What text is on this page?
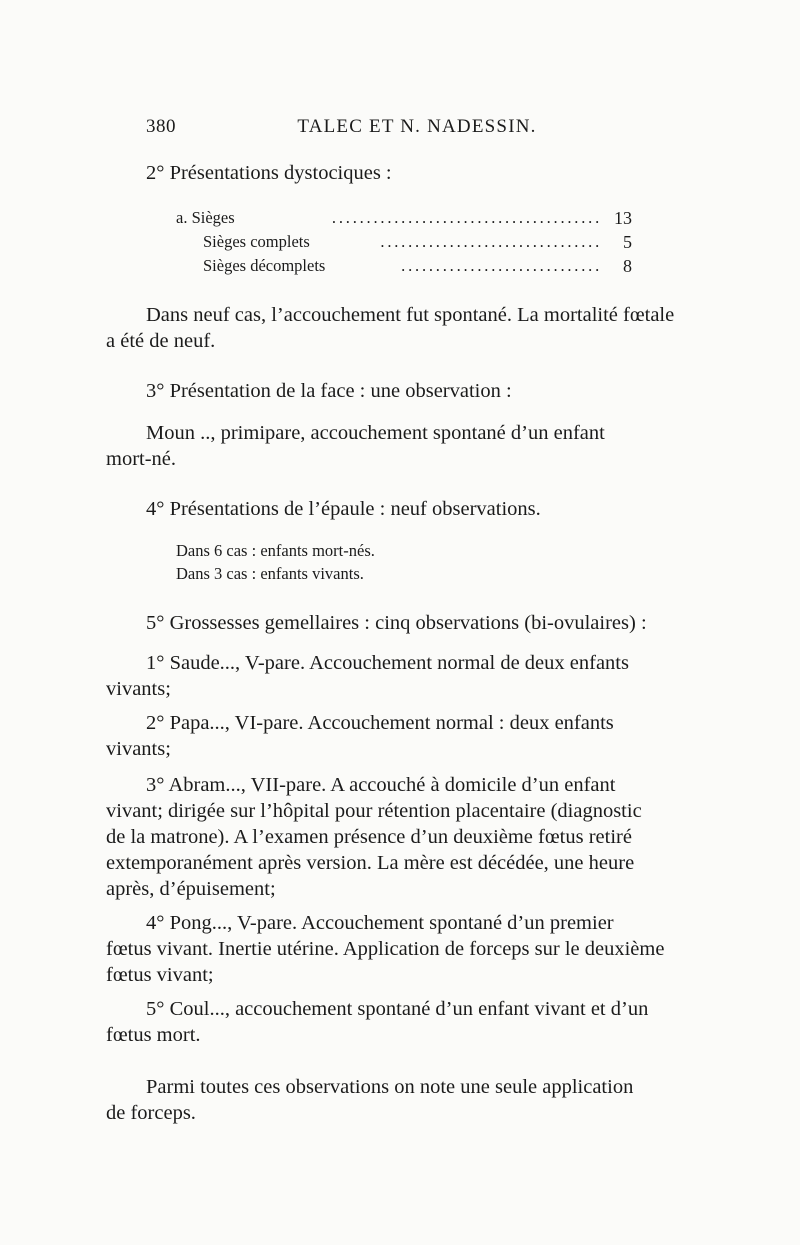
380	TALEC ET N. NADESSIN.
2° Présentations dystociques :
a. Sièges	....................................... 13
Sièges complets	................................ 5
Sièges décomplets	............................. 8
Dans neuf cas, l’accouchement fut spontané. La mortalité fœtale
a été de neuf.
3° Présentation de la face : une observation :
Moun .., primipare, accouchement spontané d’un enfant
mort-né.
4° Présentations de l’épaule : neuf observations.
Dans 6 cas : enfants mort-nés.
Dans 3 cas : enfants vivants.
5° Grossesses gemellaires : cinq observations (bi-ovulaires) :
1° Saude..., V-pare. Accouchement normal de deux enfants
vivants;
2° Papa..., VI-pare. Accouchement normal : deux enfants
vivants;
3° Abram..., VII-pare. A accouché à domicile d’un enfant
vivant; dirigée sur l’hôpital pour rétention placentaire (diagnostic
de la matrone). A l’examen présence d’un deuxième fœtus retiré
extemporanément après version. La mère est décédée, une heure
après, d’épuisement;
4° Pong..., V-pare. Accouchement spontané d’un premier
fœtus vivant. Inertie utérine. Application de forceps sur le deuxième
fœtus vivant;
5° Coul..., accouchement spontané d’un enfant vivant et d’un
fœtus mort.
Parmi toutes ces observations on note une seule application
de forceps.
